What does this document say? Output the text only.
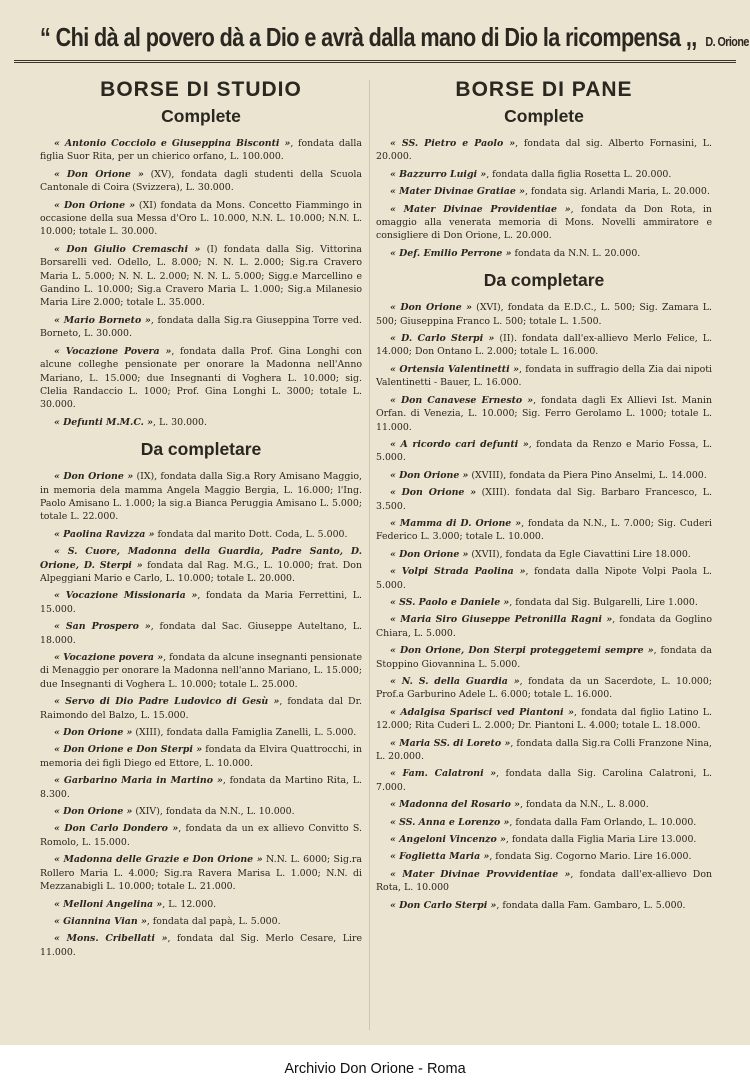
“ Chi dà al povero dà a Dio e avrà dalla mano di Dio la ricompensa ,, D. Orione
BORSE DI STUDIO
Complete

« Antonio Cocciolo e Giuseppina Bisconti », fondata dalla figlia Suor Rita, per un chierico orfano, L. 100.000.

« Don Orione » (XV), fondata dagli studenti della Scuola Cantonale di Coira (Svizzera), L. 30.000.

« Don Orione » (XI) fondata da Mons. Concetto Fiammingo in occasione della sua Messa d'Oro L. 10.000, N.N. L. 10.000; N.N. L. 10.000; totale L. 30.000.

« Don Giulio Cremaschi » (I) fondata dalla Sig. Vittorina Borsarelli ved. Odello, L. 8.000; N. N. L. 2.000; Sig.ra Cravero Maria L. 5.000; N. N. L. 2.000; N. N. L. 5.000; Sigg.e Marcellino e Gandino L. 10.000; Sig.a Cravero Maria L. 1.000; Sig.a Milanesio Maria Lire 2.000; totale L. 35.000.

« Mario Borneto », fondata dalla Sig.ra Giuseppina Torre ved. Borneto, L. 30.000.

« Vocazione Povera », fondata dalla Prof. Gina Longhi con alcune colleghe pensionate per onorare la Madonna nell'Anno Mariano, L. 15.000; due Insegnanti di Voghera L. 10.000; sig. Clelia Randaccio L. 1000; Prof. Gina Longhi L. 3000; totale L. 30.000.

« Defunti M.M.C. », L. 30.000.

Da completare

« Don Orione » (IX), fondata dalla Sig.a Rory Amisano Maggio, in memoria dela mamma Angela Maggio Bergia, L. 16.000; l'Ing. Paolo Amisano L. 1.000; la sig.a Bianca Peruggia Amisano L. 5.000; totale L. 22.000.

« Paolina Ravizza » fondata dal marito Dott. Coda, L. 5.000.

« S. Cuore, Madonna della Guardia, Padre Santo, D. Orione, D. Sterpi » fondata dal Rag. M.G., L. 10.000; frat. Don Alpeggiani Mario e Carlo, L. 10.000; totale L. 20.000.

« Vocazione Missionaria », fondata da Maria Ferrettini, L. 15.000.

« San Prospero », fondata dal Sac. Giuseppe Auteltano, L. 18.000.

« Vocazione povera », fondata da alcune insegnanti pensionate di Menaggio per onorare la Madonna nell'anno Mariano, L. 15.000; due Insegnanti di Voghera L. 10.000; totale L. 25.000.

« Servo di Dio Padre Ludovico di Gesù », fondata dal Dr. Raimondo del Balzo, L. 15.000.

« Don Orione » (XIII), fondata dalla Famiglia Zanelli, L. 5.000.

« Don Orione e Don Sterpi » fondata da Elvira Quattrocchi, in memoria dei figli Diego ed Ettore, L. 10.000.

« Garbarino Maria in Martino », fondata da Martino Rita, L. 8.300.

« Don Orione » (XIV), fondata da N.N., L. 10.000.

« Don Carlo Dondero », fondata da un ex allievo Convitto S. Romolo, L. 15.000.

« Madonna delle Grazie e Don Orione » N.N. L. 6000; Sig.ra Rollero Maria L. 4.000; Sig.ra Ravera Marisa L. 1.000; N.N. di Mezzanabigli L. 10.000; totale L. 21.000.

« Melloni Angelina », L. 12.000.

« Giannina Vian », fondata dal papà, L. 5.000.

« Mons. Cribellati », fondata dal Sig. Merlo Cesare, Lire 11.000.

BORSE DI PANE
Complete

« SS. Pietro e Paolo », fondata dal sig. Alberto Fornasini, L. 20.000.

« Bazzurro Luigi », fondata dalla figlia Rosetta L. 20.000.

« Mater Divinae Gratiae », fondata sig. Arlandi Maria, L. 20.000.

« Mater Divinae Providentiae », fondata da Don Rota, in omaggio alla venerata memoria di Mons. Novelli ammiratore e consigliere di Don Orione, L. 20.000.

« Def. Emilio Perrone » fondata da N.N. L. 20.000.

Da completare

« Don Orione » (XVI), fondata da E.D.C., L. 500; Sig. Zamara L. 500; Giuseppina Franco L. 500; totale L. 1.500.

« D. Carlo Sterpi » (II). fondata dall'ex-allievo Merlo Felice, L. 14.000; Don Ontano L. 2.000; totale L. 16.000.

« Ortensia Valentinetti », fondata in suffragio della Zia dai nipoti Valentinetti - Bauer, L. 16.000.

« Don Canavese Ernesto », fondata dagli Ex Allievi Ist. Manin Orfan. di Venezia, L. 10.000; Sig. Ferro Gerolamo L. 1000; totale L. 11.000.

« A ricordo cari defunti », fondata da Renzo e Mario Fossa, L. 5.000.

« Don Orione » (XVIII), fondata da Piera Pino Anselmi, L. 14.000.

« Don Orione » (XIII). fondata dal Sig. Barbaro Francesco, L. 3.500.

« Mamma di D. Orione », fondata da N.N., L. 7.000; Sig. Cuderi Federico L. 3.000; totale L. 10.000.

« Don Orione » (XVII), fondata da Egle Ciavattini Lire 18.000.

« Volpi Strada Paolina », fondata dalla Nipote Volpi Paola L. 5.000.

« SS. Paolo e Daniele », fondata dal Sig. Bulgarelli, Lire 1.000.

« Maria Siro Giuseppe Petronilla Ragni », fondata da Goglino Chiara, L. 5.000.

« Don Orione, Don Sterpi proteggetemi sempre », fondata da Stoppino Giovannina L. 5.000.

« N. S. della Guardia », fondata da un Sacerdote, L. 10.000; Prof.a Garburino Adele L. 6.000; totale L. 16.000.

« Adalgisa Sparisci ved Piantoni », fondata dal figlio Latino L. 12.000; Rita Cuderi L. 2.000; Dr. Piantoni L. 4.000; totale L. 18.000.

« Maria SS. di Loreto », fondata dalla Sig.ra Colli Franzone Nina, L. 20.000.

« Fam. Calatroni », fondata dalla Sig. Carolina Calatroni, L. 7.000.

« Madonna del Rosario », fondata da N.N., L. 8.000.

« SS. Anna e Lorenzo », fondata dalla Fam Orlando, L. 10.000.

« Angeloni Vincenzo », fondata dalla Figlia Maria Lire 13.000.

« Foglietta Maria », fondata Sig. Cogorno Mario. Lire 16.000.

« Mater Divinae Provvidentiae », fondata dall'ex-allievo Don Rota, L. 10.000

« Don Carlo Sterpi », fondata dalla Fam. Gambaro, L. 5.000.

Archivio Don Orione - Roma
